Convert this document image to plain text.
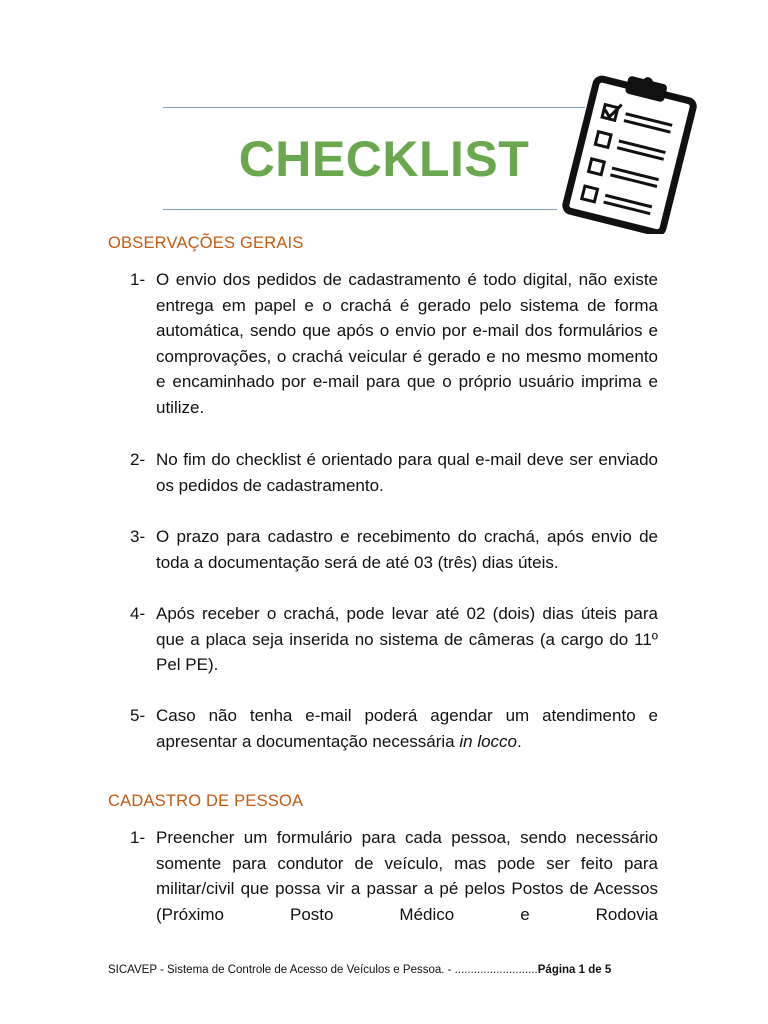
CHECKLIST
OBSERVAÇÕES GERAIS
1- O envio dos pedidos de cadastramento é todo digital, não existe entrega em papel e o crachá é gerado pelo sistema de forma automática, sendo que após o envio por e-mail dos formulários e comprovações, o crachá veicular é gerado e no mesmo momento e encaminhado por e-mail para que o próprio usuário imprima e utilize.
2- No fim do checklist é orientado para qual e-mail deve ser enviado os pedidos de cadastramento.
3- O prazo para cadastro e recebimento do crachá, após envio de toda a documentação será de até 03 (três) dias úteis.
4- Após receber o crachá, pode levar até 02 (dois) dias úteis para que a placa seja inserida no sistema de câmeras (a cargo do 11º Pel PE).
5- Caso não tenha e-mail poderá agendar um atendimento e apresentar a documentação necessária in locco.
CADASTRO DE PESSOA
1- Preencher um formulário para cada pessoa, sendo necessário somente para condutor de veículo, mas pode ser feito para militar/civil que possa vir a passar a pé pelos Postos de Acessos (Próximo Posto Médico e Rodovia
SICAVEP - Sistema de Controle de Acesso de Veículos e Pessoa. - ..........................Página 1 de 5
